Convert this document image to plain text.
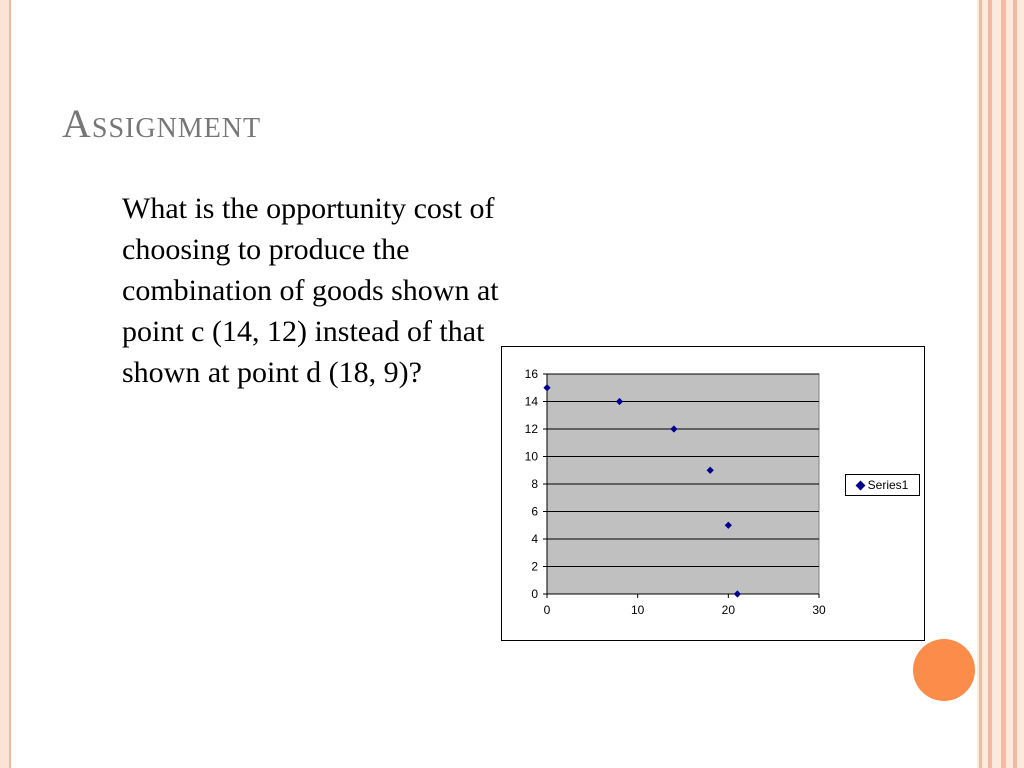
Assignment

What is the opportunity cost of choosing to produce the combination of goods shown at point c (14, 12) instead of that shown at point d (18, 9)?

0
2
4
6
8
10
12
14
16
0	10	20	30
Series1
